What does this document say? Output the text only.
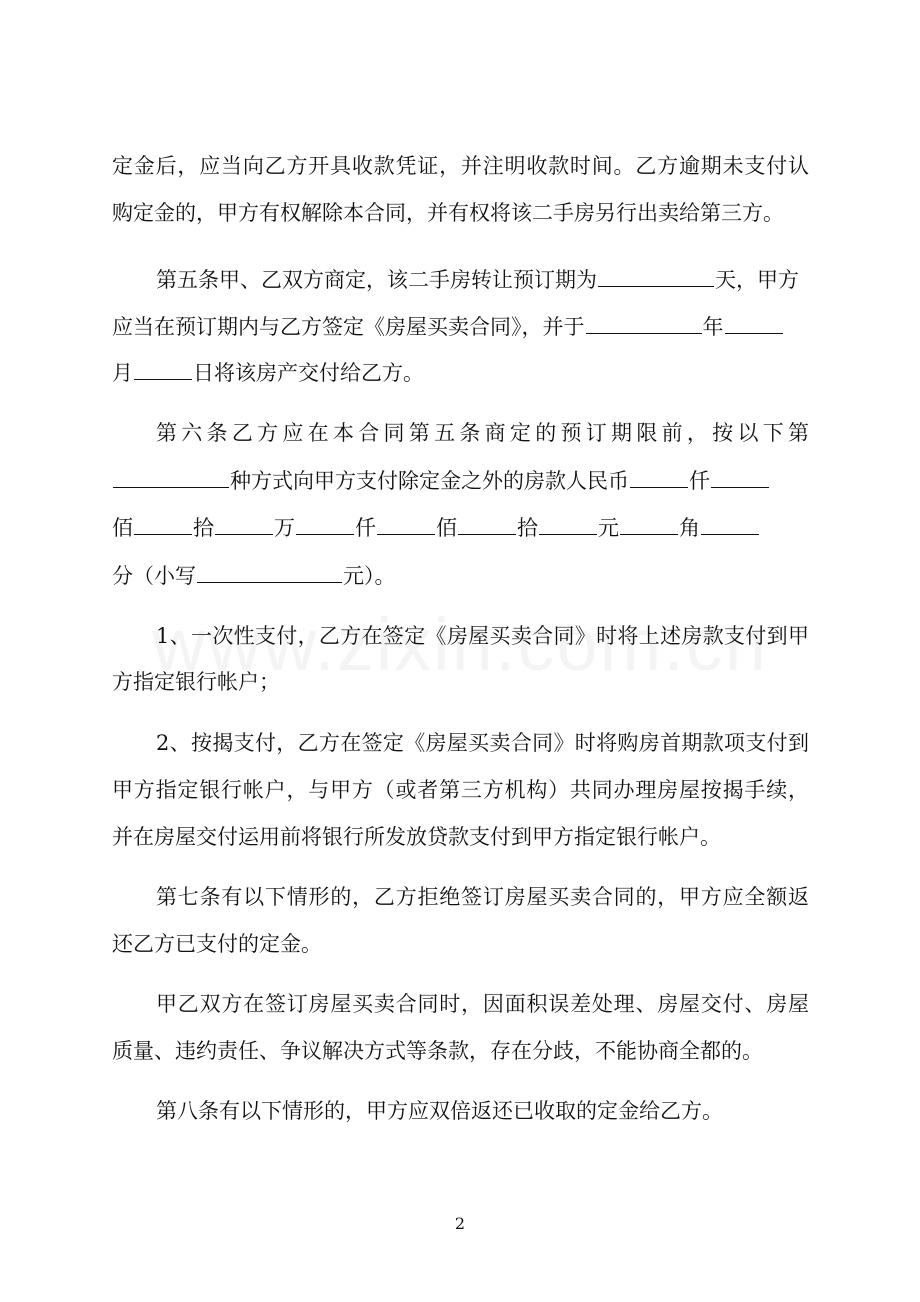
定金后，应当向乙方开具收款凭证，并注明收款时间。乙方逾期未支付认
购定金的，甲方有权解除本合同，并有权将该二手房另行出卖给第三方。
第五条甲、乙双方商定，该二手房转让预订期为	天，甲方
应当在预订期内与乙方签定《房屋买卖合同》，并于	年
月	日将该房产交付给乙方。
第六条乙方应在本合同第五条商定的预订期限前，按以下第
种方式向甲方支付除定金之外的房款人民币	仟
佰	拾	万	仟	佰	拾	元	角
分（小写	元）。
1、一次性支付，乙方在签定《房屋买卖合同》时将上述房款支付到甲
方指定银行帐户；
2、按揭支付，乙方在签定《房屋买卖合同》时将购房首期款项支付到
甲方指定银行帐户，与甲方（或者第三方机构）共同办理房屋按揭手续，
并在房屋交付运用前将银行所发放贷款支付到甲方指定银行帐户。
第七条有以下情形的，乙方拒绝签订房屋买卖合同的，甲方应全额返
还乙方已支付的定金。
甲乙双方在签订房屋买卖合同时，因面积误差处理、房屋交付、房屋
质量、违约责任、争议解决方式等条款，存在分歧，不能协商全都的。
第八条有以下情形的，甲方应双倍返还已收取的定金给乙方。
2
